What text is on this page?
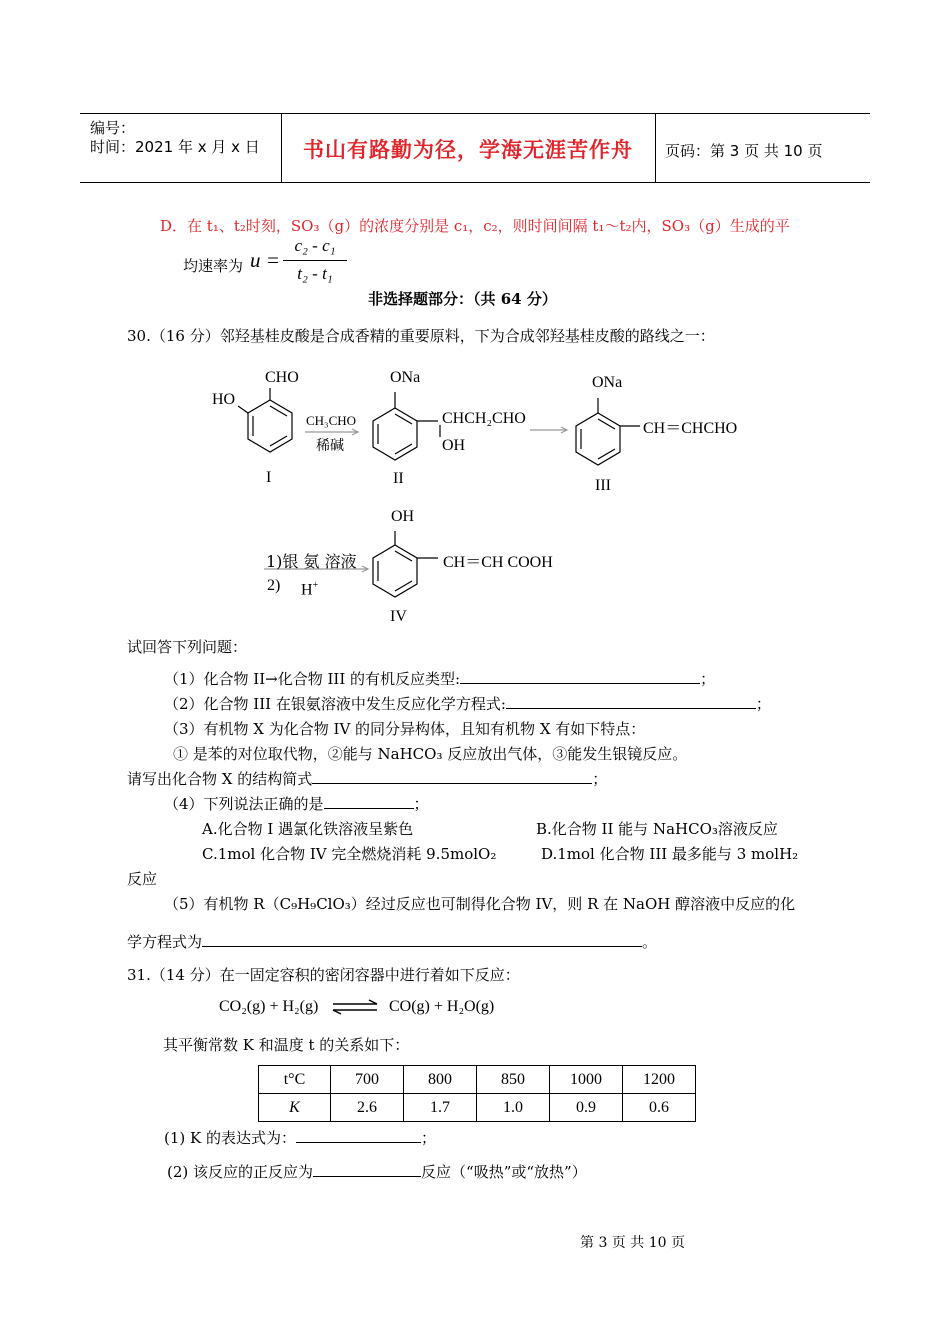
编号：
时间：2021 年 x 月 x 日	书山有路勤为径，学海无涯苦作舟	页码：第 3 页 共 10 页
D．在 t₁、t₂时刻，SO₃（g）的浓度分别是 c₁，c₂，则时间间隔 t₁～t₂内，SO₃（g）生成的平
均速率为 u =
c₂ - c₁
t₂ - t₁
非选择题部分：（共 64 分）
30.（16 分）邻羟基桂皮酸是合成香精的重要原料，下为合成邻羟基桂皮酸的路线之一：
CHO
HO
I
CH₃CHO
稀碱
ONa
CHCH₂CHO
OH
II
ONa
CH＝CHCHO
III
1)银 氨 溶液
2) H+
OH
CH＝CH COOH
IV
试回答下列问题：
（1）化合物 II→化合物 III 的有机反应类型:	；
（2）化合物 III 在银氨溶液中发生反应化学方程式:	；
（3）有机物 X 为化合物 IV 的同分异构体，且知有机物 X 有如下特点：
① 是苯的对位取代物，②能与 NaHCO₃ 反应放出气体，③能发生银镜反应。
请写出化合物 X 的结构简式	；
（4）下列说法正确的是	；
A.化合物 I 遇氯化铁溶液呈紫色	B.化合物 II 能与 NaHCO₃溶液反应
C.1mol 化合物 IV 完全燃烧消耗 9.5molO₂	D.1mol 化合物 III 最多能与 3 molH₂
反应
（5）有机物 R（C₉H₉ClO₃）经过反应也可制得化合物 IV，则 R 在 NaOH 醇溶液中反应的化
学方程式为	。
31.（14 分）在一固定容积的密闭容器中进行着如下反应：
CO₂(g) + H₂(g) ⇌ CO(g) + H₂O(g)
其平衡常数 K 和温度 t 的关系如下：
t°C	700	800	850	1000	1200
K	2.6	1.7	1.0	0.9	0.6
(1) K 的表达式为：	；
(2) 该反应的正反应为	反应（“吸热”或“放热”）
第 3 页 共 10 页
